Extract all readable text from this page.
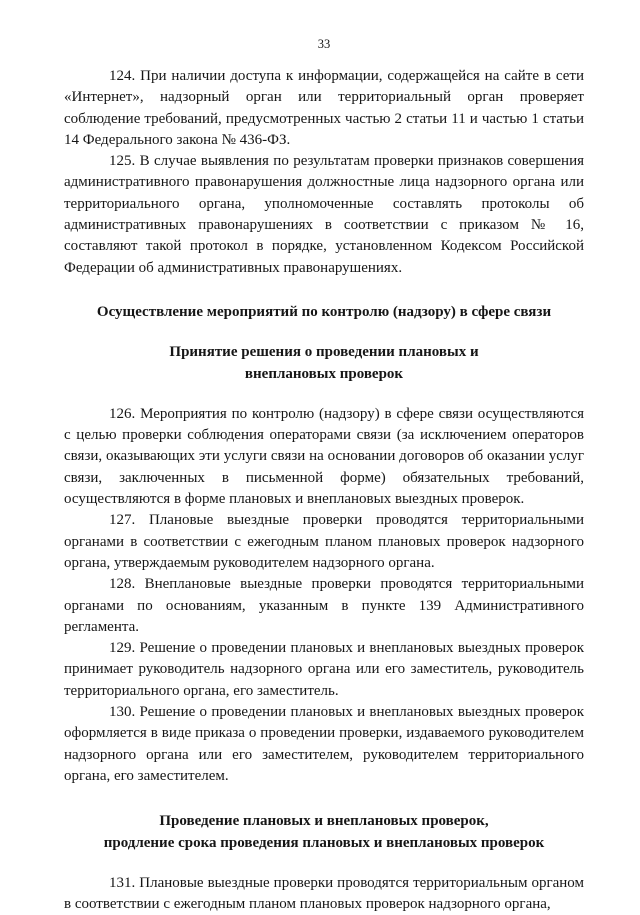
33

124. При наличии доступа к информации, содержащейся на сайте в сети «Интернет», надзорный орган или территориальный орган проверяет соблюдение требований, предусмотренных частью 2 статьи 11 и частью 1 статьи 14 Федерального закона № 436-ФЗ.

125. В случае выявления по результатам проверки признаков совершения административного правонарушения должностные лица надзорного органа или территориального органа, уполномоченные составлять протоколы об административных правонарушениях в соответствии с приказом № 16, составляют такой протокол в порядке, установленном Кодексом Российской Федерации об административных правонарушениях.

Осуществление мероприятий по контролю (надзору) в сфере связи

Принятие решения о проведении плановых и
внеплановых проверок

126. Мероприятия по контролю (надзору) в сфере связи осуществляются с целью проверки соблюдения операторами связи (за исключением операторов связи, оказывающих эти услуги связи на основании договоров об оказании услуг связи, заключенных в письменной форме) обязательных требований, осуществляются в форме плановых и внеплановых выездных проверок.

127. Плановые выездные проверки проводятся территориальными органами в соответствии с ежегодным планом плановых проверок надзорного органа, утверждаемым руководителем надзорного органа.

128. Внеплановые выездные проверки проводятся территориальными органами по основаниям, указанным в пункте 139 Административного регламента.

129. Решение о проведении плановых и внеплановых выездных проверок принимает руководитель надзорного органа или его заместитель, руководитель территориального органа, его заместитель.

130. Решение о проведении плановых и внеплановых выездных проверок оформляется в виде приказа о проведении проверки, издаваемого руководителем надзорного органа или его заместителем, руководителем территориального органа, его заместителем.

Проведение плановых и внеплановых проверок,
продление срока проведения плановых и внеплановых проверок

131. Плановые выездные проверки проводятся территориальным органом в соответствии с ежегодным планом плановых проверок надзорного органа,
